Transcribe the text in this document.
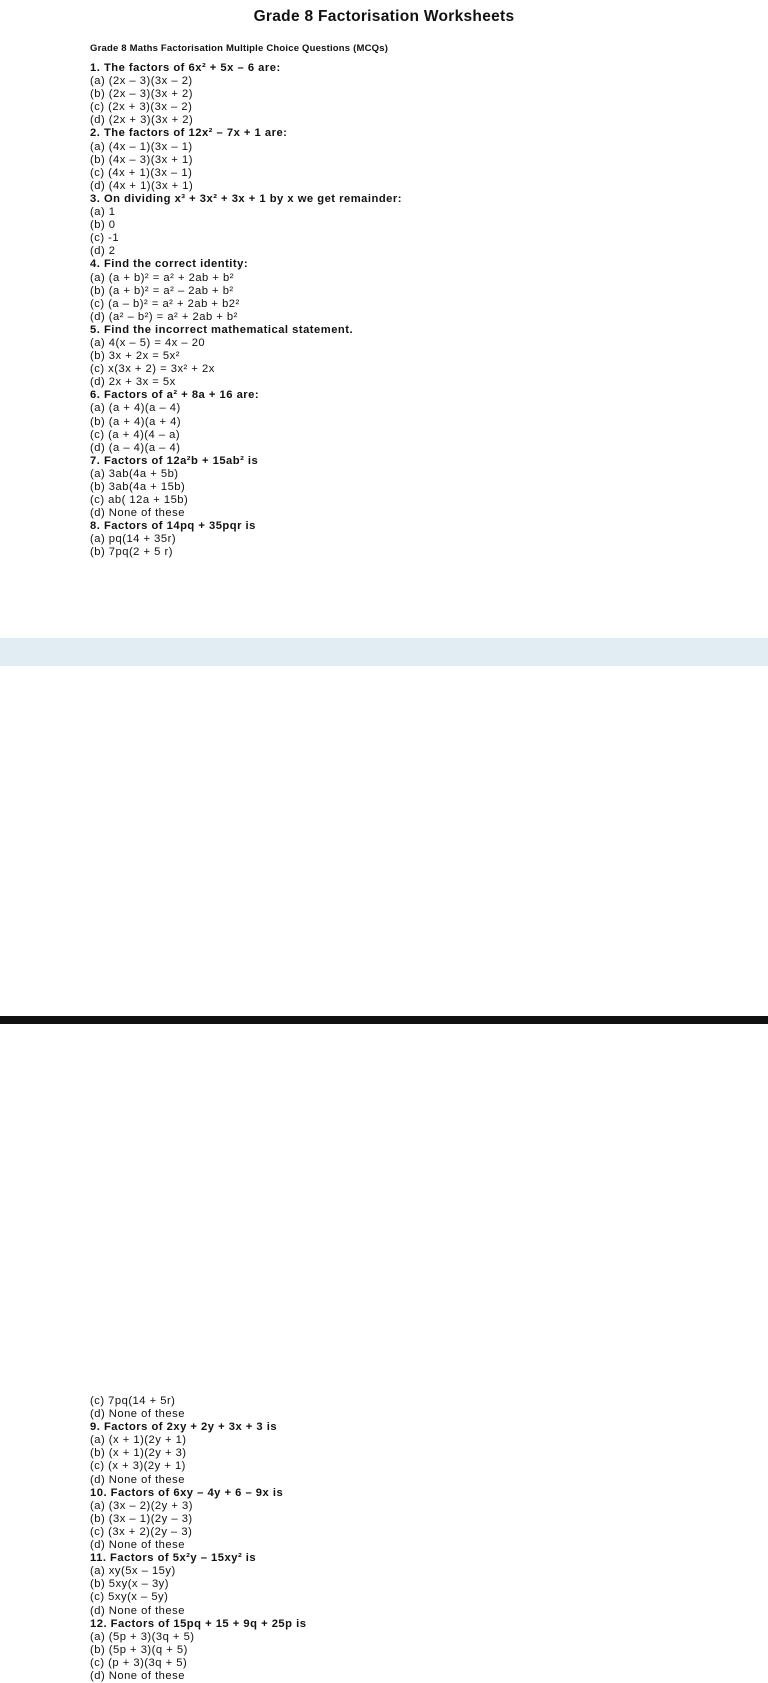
Grade 8 Factorisation Worksheets
Grade 8 Maths Factorisation Multiple Choice Questions (MCQs)
1. The factors of 6x² + 5x – 6 are:
(a) (2x – 3)(3x – 2)
(b) (2x – 3)(3x + 2)
(c) (2x + 3)(3x – 2)
(d) (2x + 3)(3x + 2)
2. The factors of 12x² – 7x + 1 are:
(a) (4x – 1)(3x – 1)
(b) (4x – 3)(3x + 1)
(c) (4x + 1)(3x – 1)
(d) (4x + 1)(3x + 1)
3. On dividing x³ + 3x² + 3x + 1 by x we get remainder:
(a) 1
(b) 0
(c) -1
(d) 2
4. Find the correct identity:
(a) (a + b)² = a² + 2ab + b²
(b) (a + b)² = a² – 2ab + b²
(c) (a – b)² = a² + 2ab + b2²
(d) (a² – b²) = a² + 2ab + b²
5. Find the incorrect mathematical statement.
(a) 4(x – 5) = 4x – 20
(b) 3x + 2x = 5x²
(c) x(3x + 2) = 3x² + 2x
(d) 2x + 3x = 5x
6. Factors of a² + 8a + 16 are:
(a) (a + 4)(a – 4)
(b) (a + 4)(a + 4)
(c) (a + 4)(4 – a)
(d) (a – 4)(a – 4)
7. Factors of 12a²b + 15ab² is
(a) 3ab(4a + 5b)
(b) 3ab(4a + 15b)
(c) ab( 12a + 15b)
(d) None of these
8. Factors of 14pq + 35pqr is
(a) pq(14 + 35r)
(b) 7pq(2 + 5 r)
(c) 7pq(14 + 5r)
(d) None of these
9. Factors of 2xy + 2y + 3x + 3 is
(a) (x + 1)(2y + 1)
(b) (x + 1)(2y + 3)
(c) (x + 3)(2y + 1)
(d) None of these
10. Factors of 6xy – 4y + 6 – 9x is
(a) (3x – 2)(2y + 3)
(b) (3x – 1)(2y – 3)
(c) (3x + 2)(2y – 3)
(d) None of these
11. Factors of 5x²y – 15xy² is
(a) xy(5x – 15y)
(b) 5xy(x – 3y)
(c) 5xy(x – 5y)
(d) None of these
12. Factors of 15pq + 15 + 9q + 25p is
(a) (5p + 3)(3q + 5)
(b) (5p + 3)(q + 5)
(c) (p + 3)(3q + 5)
(d) None of these
